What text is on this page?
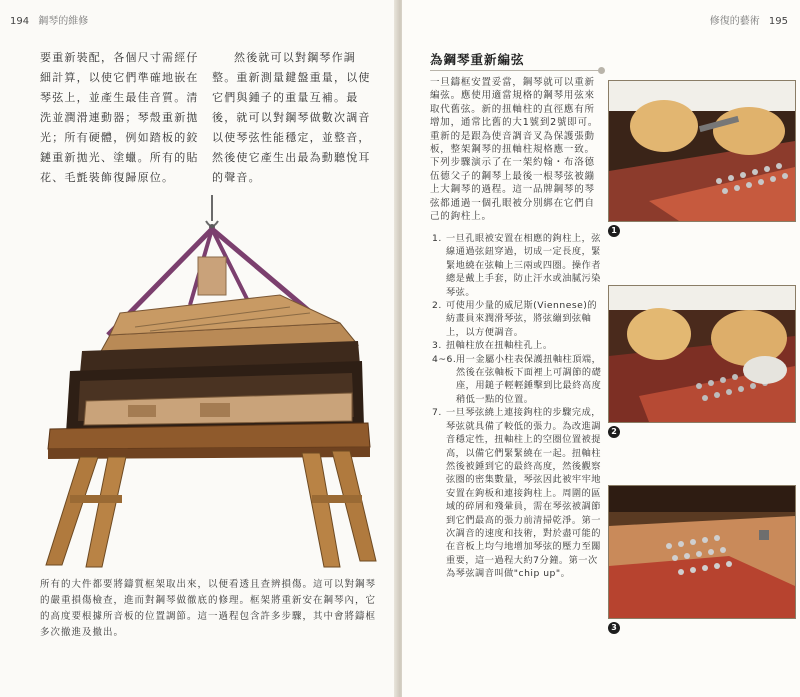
194 鋼琴的維修
要重新裝配，各個尺寸需經仔細計算，以使它們準確地嵌在琴弦上，並產生最佳音質。清洗並潤滑連動器；琴殼重新拋光；所有硬體，例如踏板的鉸鏈重新拋光、塗蠟。所有的貼花、毛氈裝飾復歸原位。
然後就可以對鋼琴作調整。重新測量鍵盤重量，以使它們與鍾子的重量互補。最後，就可以對鋼琴做數次調音以使琴弦性能穩定，並整音，然後使它產生出最為動聽悅耳的聲音。
所有的大件都要將鑄質框架取出來，以便看透且查辨損傷。這可以對鋼琴的嚴重損傷檢查，進而對鋼琴做徹底的修理。框架將重新安在鋼琴內，它的高度要根據所音板的位置調節。這一過程包含許多步驟，其中會將鑄框多次撤進及撤出。
修復的藝術 195
為鋼琴重新編弦
一旦鑄框安置妥當，鋼琴就可以重新編弦。應使用適當規格的鋼琴用弦來取代舊弦。新的扭軸柱的直徑應有所增加，通常比舊的大1號到2號即可。重新的是跟為使音調音叉為保護張動板，整架鋼琴的扭軸柱規格應一致。下列步驟演示了在一架約翰・布洛德伍德父子的鋼琴上最後一根琴弦被繃上大鋼琴的過程。這一品牌鋼琴的琴弦都通過一個孔眼被分別綁在它們自己的鉤柱上。
1. 一旦孔眼被安置在相應的鉤柱上，弦線通過弦鈕穿過，切成一定長度，緊緊地繞在弦軸上三兩或四圈。操作者總是戴上手套，防止汗水或油膩污染琴弦。
2. 可使用少量的威尼斯(Viennese)的紡畫員來潤滑琴弦，將弦繃到弦軸上，以方便調音。
3. 扭軸柱放在扭軸柱孔上。
4~6. 用一金屬小柱表保護扭軸柱頂端，然後在弦軸板下面裡上可調節的礎座，用鎚子輕輕錘擊到比最終高度稍低一點的位置。
7. 一旦琴弦繞上連接鉤柱的步驟完成，琴弦就具備了較低的張力。為改進調音穩定性，扭軸柱上的空圈位置被提高，以備它們緊緊繞在一起。扭軸柱然後被錘到它的最終高度，然後觀察弦圈的密集數量，琴弦因此被牢牢地安置在鉤板和連接鉤柱上。周圍的區域的碎屑和殘暈員，需在琴弦被調節到它們最高的張力前清掃乾淨。第一次調音的速度和技術，對於盡可能的在音板上均勻地增加琴弦的壓力至關重要，這一過程大約7分鐘。第一次為琴弦調音叫做"chip up"。
1
2
3
